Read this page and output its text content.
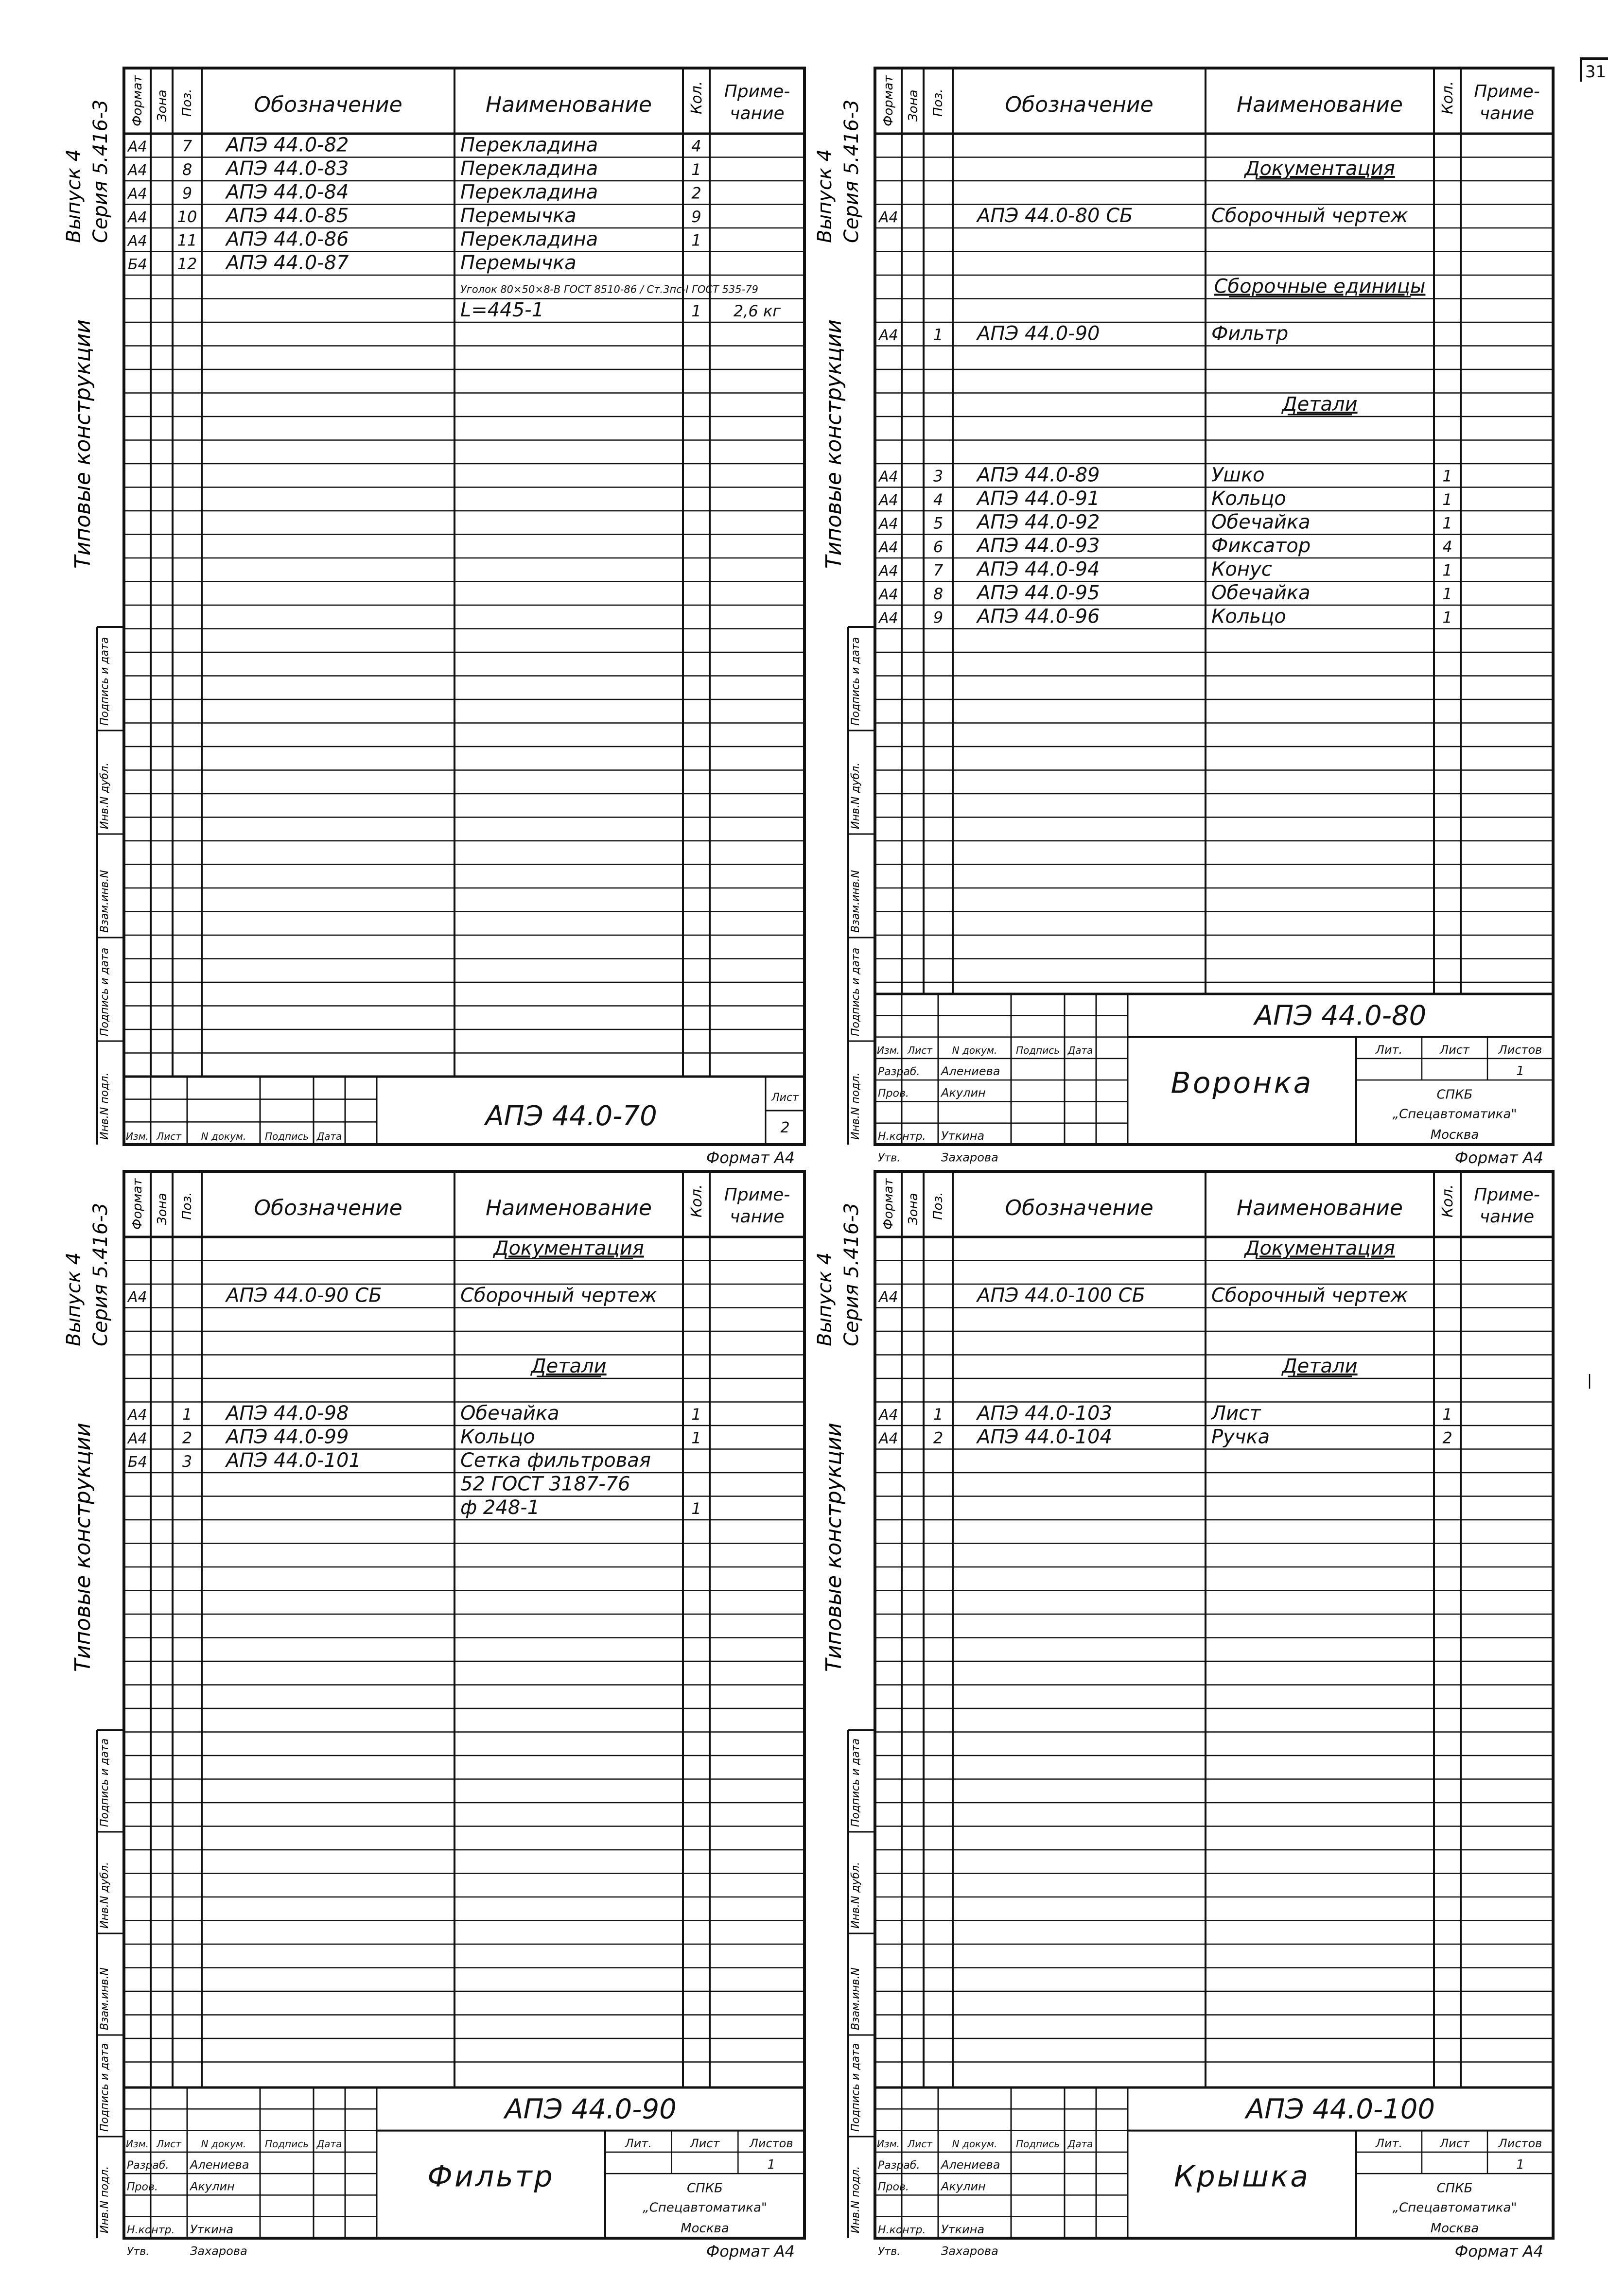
Формат Зона Поз.	Обозначение	Наименование	Кол. Приме-
чание
А4 7 АПЭ 44.0-82	Перекладина	4
А4 8 АПЭ 44.0-83	Перекладина	1
А4 9 АПЭ 44.0-84	Перекладина	2
А4 10 АПЭ 44.0-85	Перемычка	9
А4 11 АПЭ 44.0-86	Перекладина	1
Б4 12 АПЭ 44.0-87	Перемычка
Уголок 80×50×8-В ГОСТ 8510-86 / Ст.3пс-I ГОСТ 535-79
L=445-1	1 2,6 кг
Изм. Лист N докум. Подпись Дата
АПЭ 44.0-70
Лист
2
Формат А4
Типовые конструкции
Выпуск 4 Серия 5.416-3
Инв.N подл.
Подпись и дата
Взам.инв.N
Инв.N дубл.
Подпись и дата
Формат Зона Поз.	Обозначение	Наименование	Кол. Приме-
чание
Документация
А4	АПЭ 44.0-80 СБ	Сборочный чертеж
Сборочные единицы
А4 1 АПЭ 44.0-90	Фильтр
Детали
А4 3 АПЭ 44.0-89	Ушко	1
А4 4 АПЭ 44.0-91	Кольцо	1
А4 5 АПЭ 44.0-92	Обечайка	1
А4 6 АПЭ 44.0-93	Фиксатор	4
А4 7 АПЭ 44.0-94	Конус	1
А4 8 АПЭ 44.0-95	Обечайка	1
А4 9 АПЭ 44.0-96	Кольцо	1
Изм. Лист N докум. Подпись Дата
Разраб. Алениева
Пров.	Акулин
Н.контр. Уткина
Утв.	Захарова
АПЭ 44.0-80
Воронка
Лит.	Лист Листов
1
СПКБ
„Спецавтоматика"
Москва
Формат А4
Типовые конструкции
Выпуск 4 Серия 5.416-3
Инв.N подл.
Подпись и дата
Взам.инв.N
Инв.N дубл.
Подпись и дата
Формат Зона Поз.	Обозначение	Наименование	Кол. Приме-
чание
Документация
А4	АПЭ 44.0-90 СБ	Сборочный чертеж
Детали
А4 1 АПЭ 44.0-98	Обечайка	1
А4 2 АПЭ 44.0-99	Кольцо	1
Б4 3 АПЭ 44.0-101	Сетка фильтровая
52 ГОСТ 3187-76
ф 248-1	1
Изм. Лист N докум. Подпись Дата
Разраб. Алениева
Пров.	Акулин
Н.контр. Уткина
Утв.	Захарова
АПЭ 44.0-90
Фильтр
Лит.	Лист	Листов
1
СПКБ
„Спецавтоматика"
Москва
Формат А4
Типовые конструкции
Выпуск 4 Серия 5.416-3
Инв.N подл.
Подпись и дата
Взам.инв.N
Инв.N дубл.
Подпись и дата
Формат Зона Поз.	Обозначение	Наименование	Кол. Приме-
чание
Документация
А4	АПЭ 44.0-100 СБ	Сборочный чертеж
Детали
А4 1 АПЭ 44.0-103	Лист	1
А4 2 АПЭ 44.0-104	Ручка	2
Изм. Лист N докум. Подпись Дата
Разраб. Алениева
Пров.	Акулин
Н.контр. Уткина
Утв.	Захарова
АПЭ 44.0-100
Крышка
Лит.	Лист Листов
1
СПКБ
„Спецавтоматика"
Москва
Формат А4
Типовые конструкции
Выпуск 4 Серия 5.416-3
Инв.N подл.
Подпись и дата
Взам.инв.N
Инв.N дубл.
Подпись и дата
|
31
